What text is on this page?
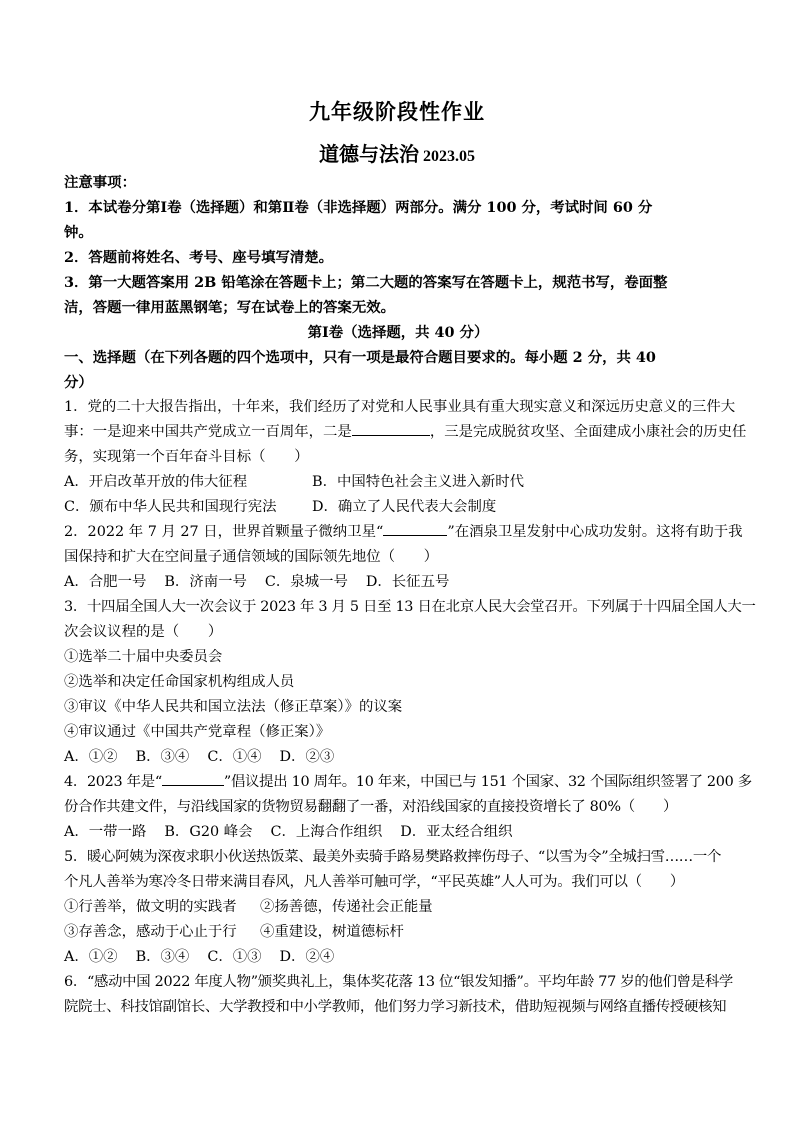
九年级阶段性作业
道德与法治 2023.05
注意事项：
1．本试卷分第Ⅰ卷（选择题）和第Ⅱ卷（非选择题）两部分。满分 100 分，考试时间 60 分
钟。
2．答题前将姓名、考号、座号填写清楚。
3．第一大题答案用 2B 铅笔涂在答题卡上；第二大题的答案写在答题卡上，规范书写，卷面整
洁，答题一律用蓝黑钢笔；写在试卷上的答案无效。
第Ⅰ卷（选择题，共 40 分）
一、选择题（在下列各题的四个选项中，只有一项是最符合题目要求的。每小题 2 分，共 40
分）
1．党的二十大报告指出，十年来，我们经历了对党和人民事业具有重大现实意义和深远历史意义的三件大
事：一是迎来中国共产党成立一百周年，二是	，三是完成脱贫攻坚、全面建成小康社会的历史任
务，实现第一个百年奋斗目标（　　）
A．开启改革开放的伟大征程	B．中国特色社会主义进入新时代
C．颁布中华人民共和国现行宪法	D．确立了人民代表大会制度
2．2022 年 7 月 27 日，世界首颗量子微纳卫星“	”在酒泉卫星发射中心成功发射。这将有助于我
国保持和扩大在空间量子通信领域的国际领先地位（　　）
A．合肥一号 B．济南一号 C．泉城一号 D．长征五号
3．十四届全国人大一次会议于 2023 年 3 月 5 日至 13 日在北京人民大会堂召开。下列属于十四届全国人大一
次会议议程的是（　　）
①选举二十届中央委员会
②选举和决定任命国家机构组成人员
③审议《中华人民共和国立法法（修正草案）》的议案
④审议通过《中国共产党章程（修正案）》
A．①② B．③④ C．①④ D．②③
4．2023 年是“	”倡议提出 10 周年。10 年来，中国已与 151 个国家、32 个国际组织签署了 200 多
份合作共建文件，与沿线国家的货物贸易翻翻了一番，对沿线国家的直接投资增长了 80%（　　）
A．一带一路 B．G20 峰会 C．上海合作组织 D．亚太经合组织
5．暖心阿姨为深夜求职小伙送热饭菜、最美外卖骑手路易樊路救摔伤母子、“以雪为令”全城扫雪……一个
个凡人善举为寒冷冬日带来满目春风，凡人善举可触可学，“平民英雄”人人可为。我们可以（　　）
①行善举，做文明的实践者	②扬善德，传递社会正能量
③存善念，感动于心止于行	④重建设，树道德标杆
A．①② B．③④ C．①③ D．②④
6．“感动中国 2022 年度人物”颁奖典礼上，集体奖花落 13 位“银发知播”。平均年龄 77 岁的他们曾是科学
院院士、科技馆副馆长、大学教授和中小学教师，他们努力学习新技术，借助短视频与网络直播传授硬核知
